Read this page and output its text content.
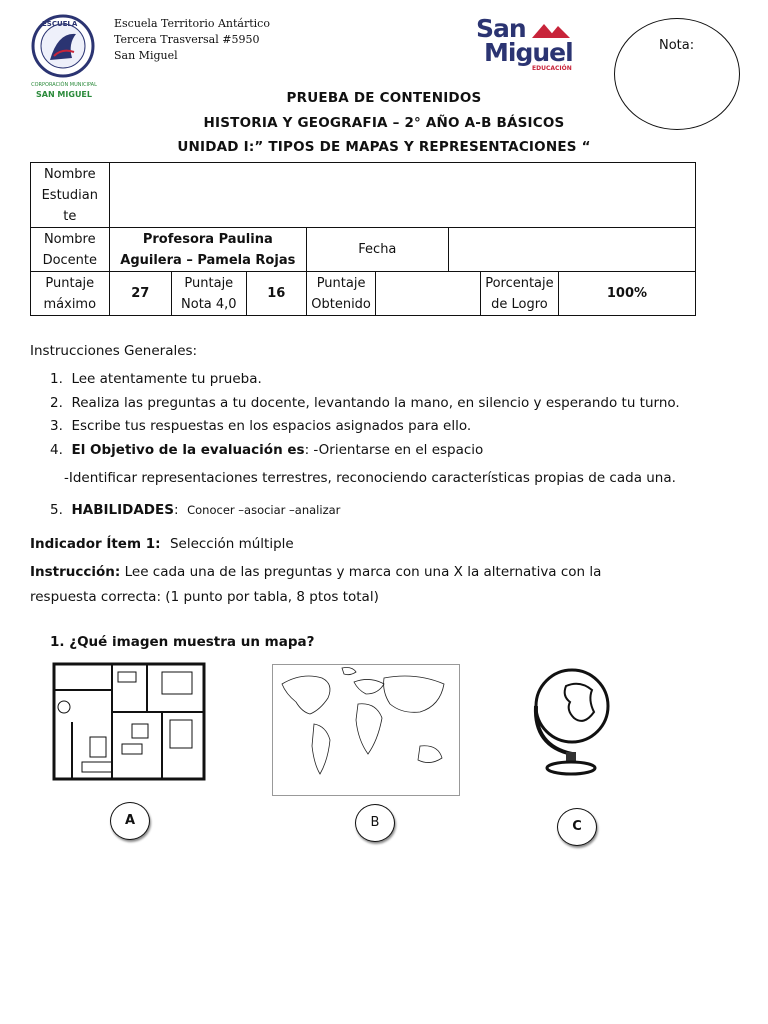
ESCUELA
CORPORACIÓN MUNICIPAL
SAN MIGUEL
Escuela Territorio Antártico
Tercera Trasversal #5950
San Miguel
San
Miguel
EDUCACIÓN
Nota:
PRUEBA DE CONTENIDOS
HISTORIA Y GEOGRAFIA – 2° AÑO A-B BÁSICOS
UNIDAD I:” TIPOS DE MAPAS Y REPRESENTACIONES “
Nombre Estudian te								
Nombre Docente	Profesora Paulina Aguilera – Pamela Rojas			Fecha				
Puntaje máximo	27	Puntaje Nota 4,0	16	Puntaje Obtenido			Porcentaje de Logro	100%
Instrucciones Generales:
1.  Lee atentamente tu prueba.
2.  Realiza las preguntas a tu docente, levantando la mano, en silencio y esperando tu turno.
3.  Escribe tus respuestas en los espacios asignados para ello.
4.  El Objetivo de la evaluación es: -Orientarse en el espacio
-Identificar representaciones terrestres, reconociendo características propias de cada una.
5.  HABILIDADES:  Conocer –asociar –analizar
Indicador Ítem 1:  Selección múltiple
Instrucción: Lee cada una de las preguntas y marca con una X la alternativa con la
respuesta correcta: (1 punto por tabla, 8 ptos total)
1. ¿Qué imagen muestra un mapa?
A	B	C
